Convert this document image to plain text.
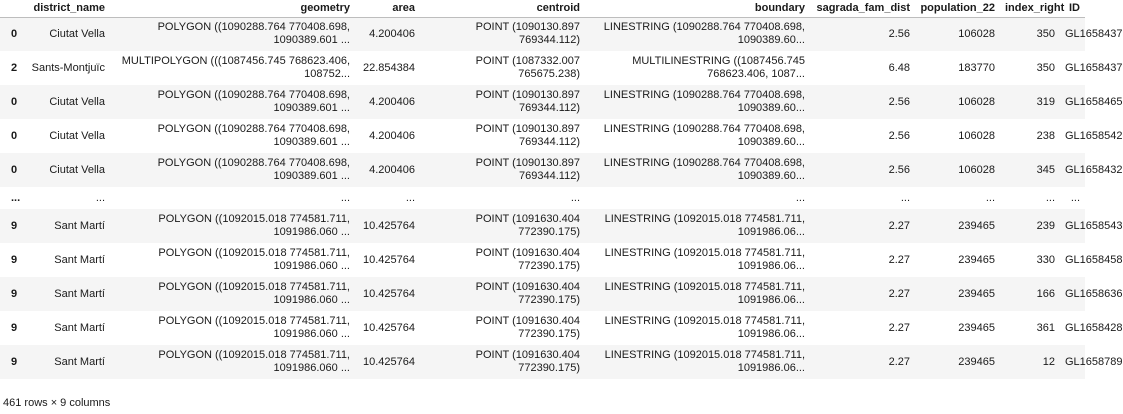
	district_name	geometry	area	centroid	boundary	sagrada_fam_dist	population_22	index_right	ID
0	Ciutat Vella	POLYGON ((1090288.764 770408.698, 1090389.601 ...	4.200406	POINT (1090130.897 769344.112)	LINESTRING (1090288.764 770408.698, 1090389.60...	2.56	106028	350	GL1658437
2	Sants-Montjuïc	MULTIPOLYGON (((1087456.745 768623.406, 108752...	22.854384	POINT (1087332.007 765675.238)	MULTILINESTRING ((1087456.745 768623.406, 1087...	6.48	183770	350	GL1658437
0	Ciutat Vella	POLYGON ((1090288.764 770408.698, 1090389.601 ...	4.200406	POINT (1090130.897 769344.112)	LINESTRING (1090288.764 770408.698, 1090389.60...	2.56	106028	319	GL1658465
0	Ciutat Vella	POLYGON ((1090288.764 770408.698, 1090389.601 ...	4.200406	POINT (1090130.897 769344.112)	LINESTRING (1090288.764 770408.698, 1090389.60...	2.56	106028	238	GL1658542
0	Ciutat Vella	POLYGON ((1090288.764 770408.698, 1090389.601 ...	4.200406	POINT (1090130.897 769344.112)	LINESTRING (1090288.764 770408.698, 1090389.60...	2.56	106028	345	GL1658432
...	...	...	...	...	...	...	...	...	...
9	Sant Martí	POLYGON ((1092015.018 774581.711, 1091986.060 ...	10.425764	POINT (1091630.404 772390.175)	LINESTRING (1092015.018 774581.711, 1091986.06...	2.27	239465	239	GL1658543
9	Sant Martí	POLYGON ((1092015.018 774581.711, 1091986.060 ...	10.425764	POINT (1091630.404 772390.175)	LINESTRING (1092015.018 774581.711, 1091986.06...	2.27	239465	330	GL1658458
9	Sant Martí	POLYGON ((1092015.018 774581.711, 1091986.060 ...	10.425764	POINT (1091630.404 772390.175)	LINESTRING (1092015.018 774581.711, 1091986.06...	2.27	239465	166	GL1658636
9	Sant Martí	POLYGON ((1092015.018 774581.711, 1091986.060 ...	10.425764	POINT (1091630.404 772390.175)	LINESTRING (1092015.018 774581.711, 1091986.06...	2.27	239465	361	GL1658428
9	Sant Martí	POLYGON ((1092015.018 774581.711, 1091986.060 ...	10.425764	POINT (1091630.404 772390.175)	LINESTRING (1092015.018 774581.711, 1091986.06...	2.27	239465	12	GL1658789
461 rows × 9 columns
